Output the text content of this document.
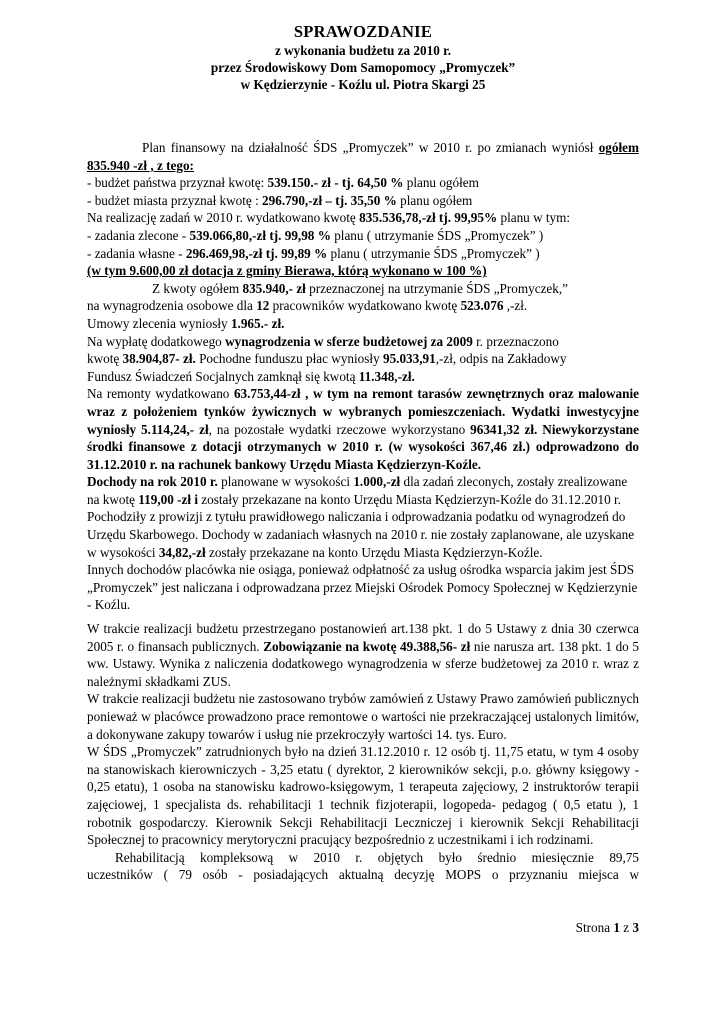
SPRAWOZDANIE
z wykonania budżetu za 2010 r.
przez Środowiskowy Dom Samopomocy „Promyczek”
w Kędzierzynie - Koźlu ul. Piotra Skargi 25

Plan finansowy na działalność ŚDS „Promyczek” w 2010 r. po zmianach wyniósł ogółem 835.940 -zł , z tego:

- budżet państwa przyznał kwotę: 539.150.- zł - tj. 64,50 % planu ogółem

- budżet miasta przyznał kwotę : 296.790,-zł – tj. 35,50 % planu ogółem

Na realizację zadań w 2010 r. wydatkowano kwotę 835.536,78,-zł tj. 99,95% planu w tym:

- zadania zlecone - 539.066,80,-zł tj. 99,98 % planu ( utrzymanie ŚDS „Promyczek” )

- zadania własne - 296.469,98,-zł tj. 99,89 % planu ( utrzymanie ŚDS „Promyczek” )

(w tym 9.600,00 zł dotacja z gminy Bierawa, którą wykonano w 100 %)

Z kwoty ogółem 835.940,- zł przeznaczonej na utrzymanie ŚDS „Promyczek,”

na wynagrodzenia osobowe dla 12 pracowników wydatkowano kwotę 523.076 ,-zł.

Umowy zlecenia wyniosły 1.965.- zł.

Na wypłatę dodatkowego wynagrodzenia w sferze budżetowej za 2009 r. przeznaczono
kwotę 38.904,87- zł. Pochodne funduszu płac wyniosły 95.033,91,-zł, odpis na Zakładowy
Fundusz Świadczeń Socjalnych zamknął się kwotą 11.348,-zł.

Na remonty wydatkowano 63.753,44-zł , w tym na remont tarasów zewnętrznych oraz malowanie wraz z położeniem tynków żywicznych w wybranych pomieszczeniach. Wydatki inwestycyjne wyniosły 5.114,24,- zł, na pozostałe wydatki rzeczowe wykorzystano 96341,32 zł. Niewykorzystane środki finansowe z dotacji otrzymanych w 2010 r. (w wysokości 367,46 zł.) odprowadzono do 31.12.2010 r. na rachunek bankowy Urzędu Miasta Kędzierzyn-Koźle.

Dochody na rok 2010 r. planowane w wysokości 1.000,-zł dla zadań zleconych, zostały zrealizowane na kwotę 119,00 -zł i zostały przekazane na konto Urzędu Miasta Kędzierzyn-Koźle do 31.12.2010 r. Pochodziły z prowizji z tytułu prawidłowego naliczania i odprowadzania podatku od wynagrodzeń do Urzędu Skarbowego. Dochody w zadaniach własnych na 2010 r. nie zostały zaplanowane, ale uzyskane w wysokości 34,82,-zł zostały przekazane na konto Urzędu Miasta Kędzierzyn-Koźle.

Innych dochodów placówka nie osiąga, ponieważ odpłatność za usług ośrodka wsparcia jakim jest ŚDS „Promyczek” jest naliczana i odprowadzana przez Miejski Ośrodek Pomocy Społecznej w Kędzierzynie - Koźlu.

W trakcie realizacji budżetu przestrzegano postanowień art.138 pkt. 1 do 5 Ustawy z dnia 30 czerwca 2005 r. o finansach publicznych. Zobowiązanie na kwotę 49.388,56- zł nie narusza art. 138 pkt. 1 do 5 ww. Ustawy. Wynika z naliczenia dodatkowego wynagrodzenia w sferze budżetowej za 2010 r. wraz z należnymi składkami ZUS.

W trakcie realizacji budżetu nie zastosowano trybów zamówień z Ustawy Prawo zamówień publicznych ponieważ w placówce prowadzono prace remontowe o wartości nie przekraczającej ustalonych limitów, a dokonywane zakupy towarów i usług nie przekroczyły wartości 14. tys. Euro.

W ŚDS „Promyczek” zatrudnionych było na dzień 31.12.2010 r. 12 osób tj. 11,75 etatu, w tym 4 osoby na stanowiskach kierowniczych - 3,25 etatu ( dyrektor, 2 kierowników sekcji, p.o. główny księgowy - 0,25 etatu), 1 osoba na stanowisku kadrowo-księgowym, 1 terapeuta zajęciowy, 2 instruktorów terapii zajęciowej, 1 specjalista ds. rehabilitacji 1 technik fizjoterapii, logopeda- pedagog ( 0,5 etatu ), 1 robotnik gospodarczy. Kierownik Sekcji Rehabilitacji Leczniczej i kierownik Sekcji Rehabilitacji Społecznej to pracownicy merytoryczni pracujący bezpośrednio z uczestnikami i ich rodzinami.

Rehabilitacją kompleksową w 2010 r. objętych było średnio miesięcznie 89,75

uczestników ( 79 osób - posiadających aktualną decyzję MOPS o przyznaniu miejsca w

Strona 1 z 3
